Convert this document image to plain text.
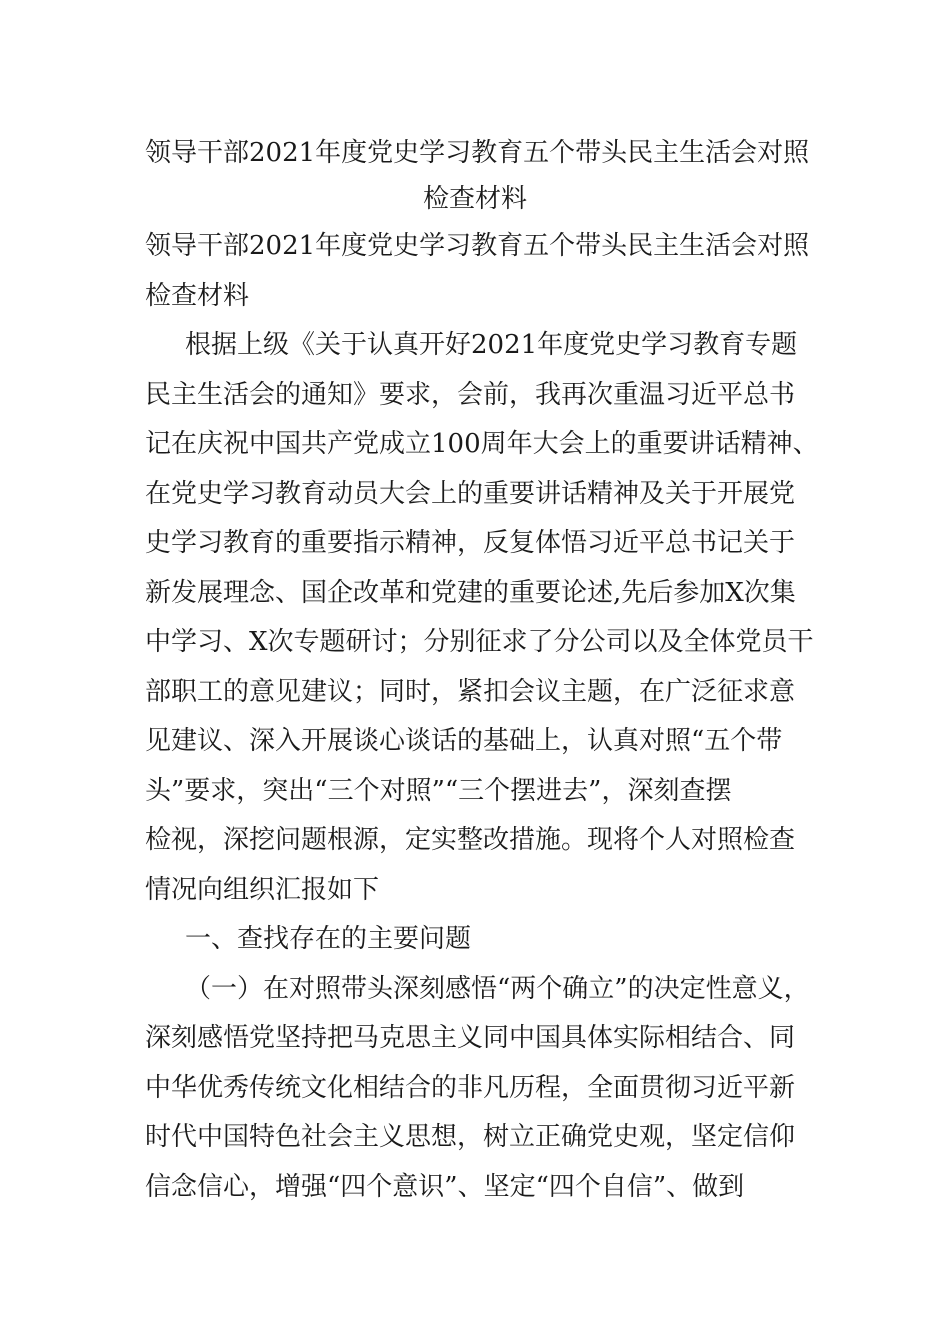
领导干部2021年度党史学习教育五个带头民主生活会对照
检查材料
领导干部2021年度党史学习教育五个带头民主生活会对照
检查材料
根据上级《关于认真开好2021年度党史学习教育专题
民主生活会的通知》要求，会前，我再次重温习近平总书
记在庆祝中国共产党成立100周年大会上的重要讲话精神、
在党史学习教育动员大会上的重要讲话精神及关于开展党
史学习教育的重要指示精神，反复体悟习近平总书记关于
新发展理念、国企改革和党建的重要论述,先后参加X次集
中学习、X次专题研讨；分别征求了分公司以及全体党员干
部职工的意见建议；同时，紧扣会议主题，在广泛征求意
见建议、深入开展谈心谈话的基础上，认真对照“五个带
头”要求，突出“三个对照”“三个摆进去”，深刻查摆
检视，深挖问题根源，定实整改措施。现将个人对照检查
情况向组织汇报如下
一、查找存在的主要问题
（一）在对照带头深刻感悟“两个确立”的决定性意义，
深刻感悟党坚持把马克思主义同中国具体实际相结合、同
中华优秀传统文化相结合的非凡历程，全面贯彻习近平新
时代中国特色社会主义思想，树立正确党史观，坚定信仰
信念信心，增强“四个意识”、坚定“四个自信”、做到
